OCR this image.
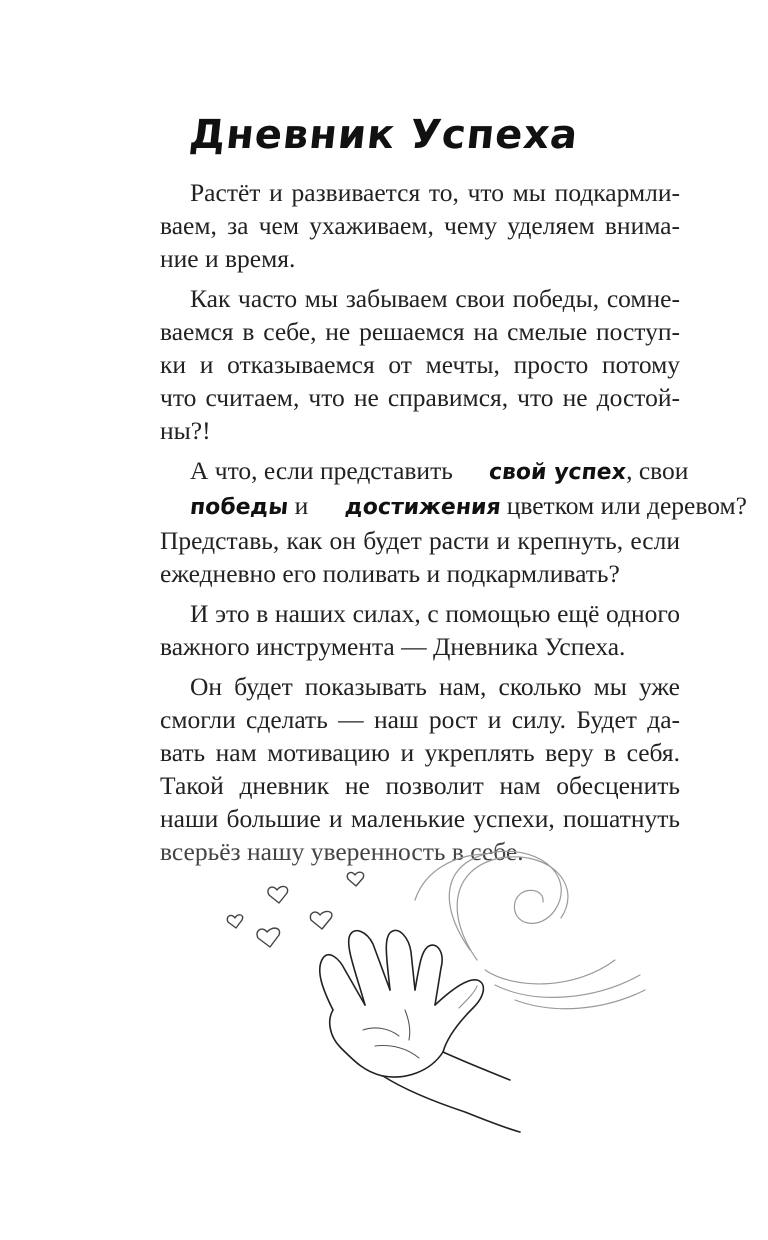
Дневник Успеха

Растёт и развивается то, что мы подкармли-
ваем, за чем ухаживаем, чему уделяем внима-
ние и время.

Как часто мы забываем свои победы, сомне-
ваемся в себе, не решаемся на смелые поступ-
ки и отказываемся от мечты, просто потому
что считаем, что не справимся, что не достой-
ны?!

А что, если представить свой успех, свои
победы и достижения цветком или деревом?
Представь, как он будет расти и крепнуть, если
ежедневно его поливать и подкармливать?

И это в наших силах, с помощью ещё одного
важного инструмента — Дневника Успеха.

Он будет показывать нам, сколько мы уже
смогли сделать — наш рост и силу. Будет да-
вать нам мотивацию и укреплять веру в себя.
Такой дневник не позволит нам обесценить
наши большие и маленькие успехи, пошатнуть
всерьёз нашу уверенность в себе.
